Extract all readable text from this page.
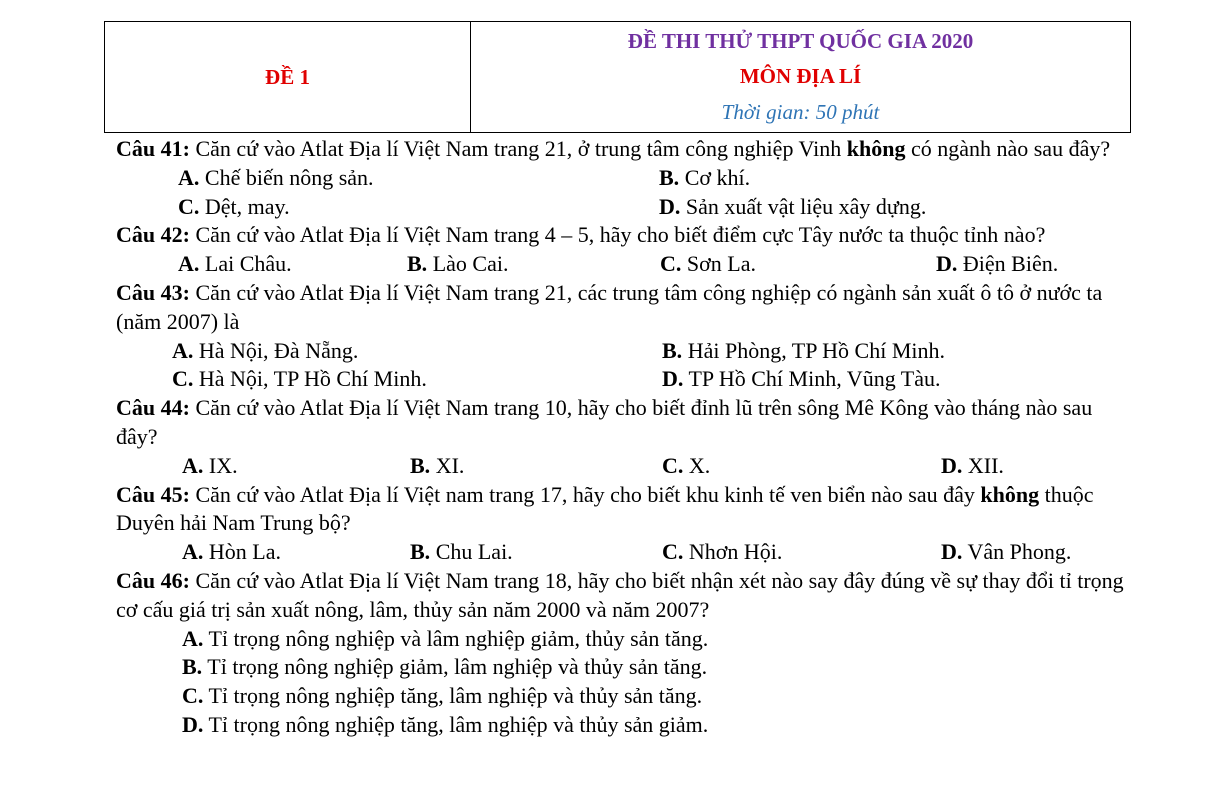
ĐỀ 1	
ĐỀ THI THỬ THPT QUỐC GIA 2020
MÔN ĐỊA LÍ
Thời gian: 50 phút
Câu 41: Căn cứ vào Atlat Địa lí Việt Nam trang 21, ở trung tâm công nghiệp Vinh không có ngành nào sau đây?
A. Chế biến nông sản.	B. Cơ khí.
C. Dệt, may.	D. Sản xuất vật liệu xây dựng.
Câu 42: Căn cứ vào Atlat Địa lí Việt Nam trang 4 – 5, hãy cho biết điểm cực Tây nước ta thuộc tỉnh nào?
A. Lai Châu.	B. Lào Cai.	C. Sơn La.	D. Điện Biên.
Câu 43: Căn cứ vào Atlat Địa lí Việt Nam trang 21, các trung tâm công nghiệp có ngành sản xuất ô tô ở nước ta (năm 2007) là
A. Hà Nội, Đà Nẵng.	B. Hải Phòng, TP Hồ Chí Minh.
C. Hà Nội, TP Hồ Chí Minh.	D. TP Hồ Chí Minh, Vũng Tàu.
Câu 44: Căn cứ vào Atlat Địa lí Việt Nam trang 10, hãy cho biết đỉnh lũ trên sông Mê Kông vào tháng nào sau đây?
A. IX.	B. XI.	C. X.	D. XII.
Câu 45: Căn cứ vào Atlat Địa lí Việt nam trang 17, hãy cho biết khu kinh tế ven biển nào sau đây không thuộc Duyên hải Nam Trung bộ?
A. Hòn La.	B. Chu Lai.	C. Nhơn Hội.	D. Vân Phong.
Câu 46: Căn cứ vào Atlat Địa lí Việt Nam trang 18, hãy cho biết nhận xét nào say đây đúng về sự thay đổi tỉ trọng cơ cấu giá trị sản xuất nông, lâm, thủy sản năm 2000 và năm 2007?
A. Tỉ trọng nông nghiệp và lâm nghiệp giảm, thủy sản tăng.
B. Tỉ trọng nông nghiệp giảm, lâm nghiệp và thủy sản tăng.
C. Tỉ trọng nông nghiệp tăng, lâm nghiệp và thủy sản tăng.
D. Tỉ trọng nông nghiệp tăng, lâm nghiệp và thủy sản giảm.
